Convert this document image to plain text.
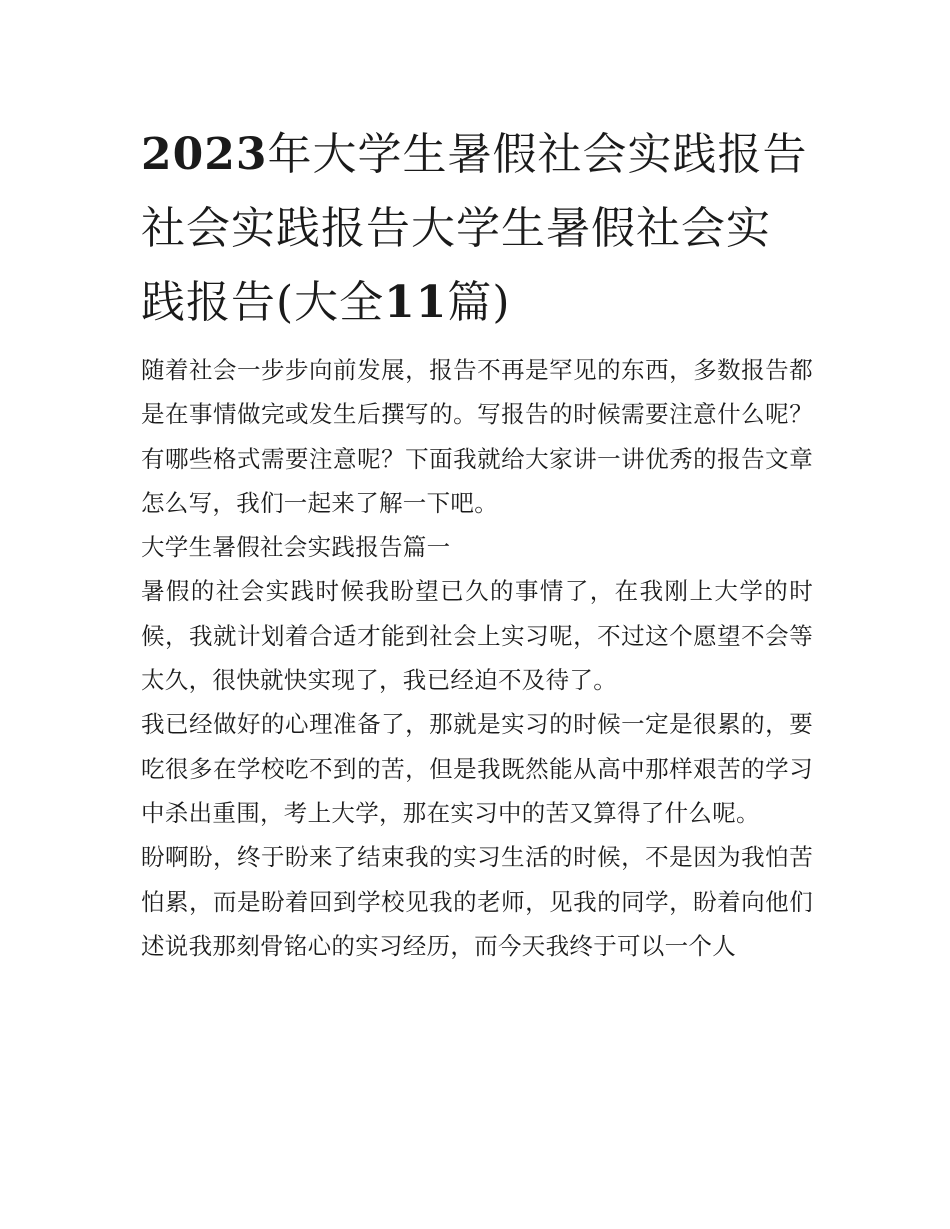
2023年大学生暑假社会实践报告 社会实践报告大学生暑假社会实践报告(大全11篇)

随着社会一步步向前发展，报告不再是罕见的东西，多数报告都是在事情做完或发生后撰写的。写报告的时候需要注意什么呢？有哪些格式需要注意呢？下面我就给大家讲一讲优秀的报告文章怎么写，我们一起来了解一下吧。

大学生暑假社会实践报告篇一

暑假的社会实践时候我盼望已久的事情了，在我刚上大学的时候，我就计划着合适才能到社会上实习呢，不过这个愿望不会等太久，很快就快实现了，我已经迫不及待了。

我已经做好的心理准备了，那就是实习的时候一定是很累的，要吃很多在学校吃不到的苦，但是我既然能从高中那样艰苦的学习中杀出重围，考上大学，那在实习中的苦又算得了什么呢。

盼啊盼，终于盼来了结束我的实习生活的时候，不是因为我怕苦怕累，而是盼着回到学校见我的老师，见我的同学，盼着向他们述说我那刻骨铭心的实习经历，而今天我终于可以一个人
